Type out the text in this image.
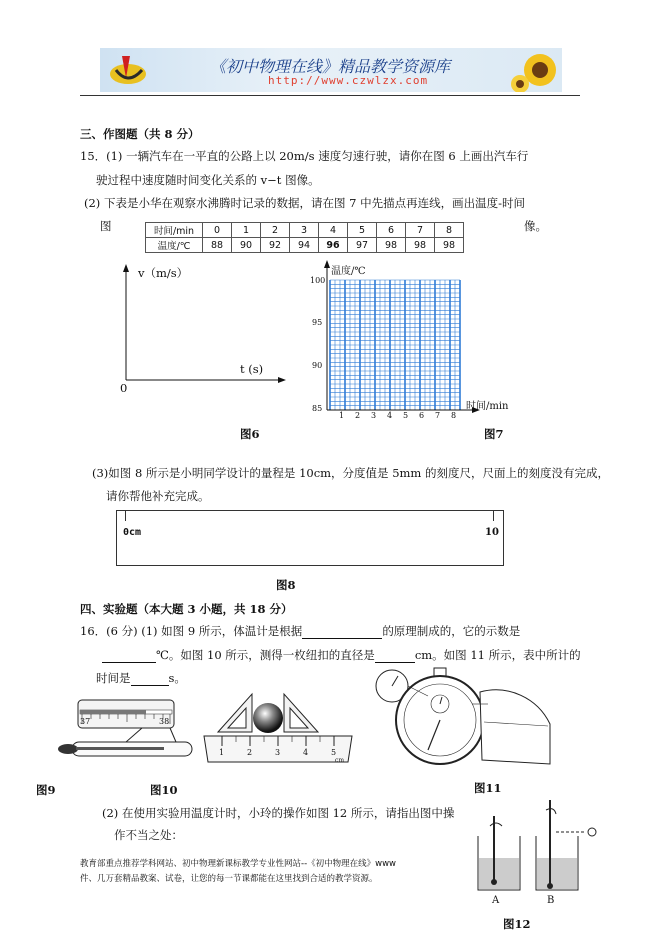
《初中物理在线》精品教学资源库
http://www.czwlzx.com
三、作图题（共 8 分）
15．(1) 一辆汽车在一平直的公路上以 20m/s 速度匀速行驶，请你在图 6 上画出汽车行
驶过程中速度随时间变化关系的 v−t 图像。
(2) 下表是小华在观察水沸腾时记录的数据，请在图 7 中先描点再连线，画出温度-时间
图	像。
时间/min	0	1	2	3	4	5	6	7	8
温度/℃	88	90	92	94	96	97	98	98	98
v（m/s）
t (s)
0
图6
温度/℃
100
95
90
85
1 2 3 4 5 6 7 8
时间/min
图7
(3)如图 8 所示是小明同学设计的量程是 10cm，分度值是 5mm 的刻度尺，尺面上的刻度没有完成，
请你帮他补充完成。
0cm	10
图8
四、实验题（本大题 3 小题，共 18 分）
16．(6 分) (1) 如图 9 所示，体温计是根据	的原理制成的，它的示数是
℃。如图 10 所示，测得一枚纽扣的直径是	cm。如图 11 所示，表中所计的
时间是	s。
37	38
图9
1	2	3	4	5
cm
图10	图11
(2) 在使用实验用温度计时，小玲的操作如图 12 所示，请指出图中操
作不当之处：
A	B
图12
教育部重点推荐学科网站、初中物理新课标教学专业性网站--《初中物理在线》www
件、几万套精品教案、试卷，让您的每一节课都能在这里找到合适的教学资源。
